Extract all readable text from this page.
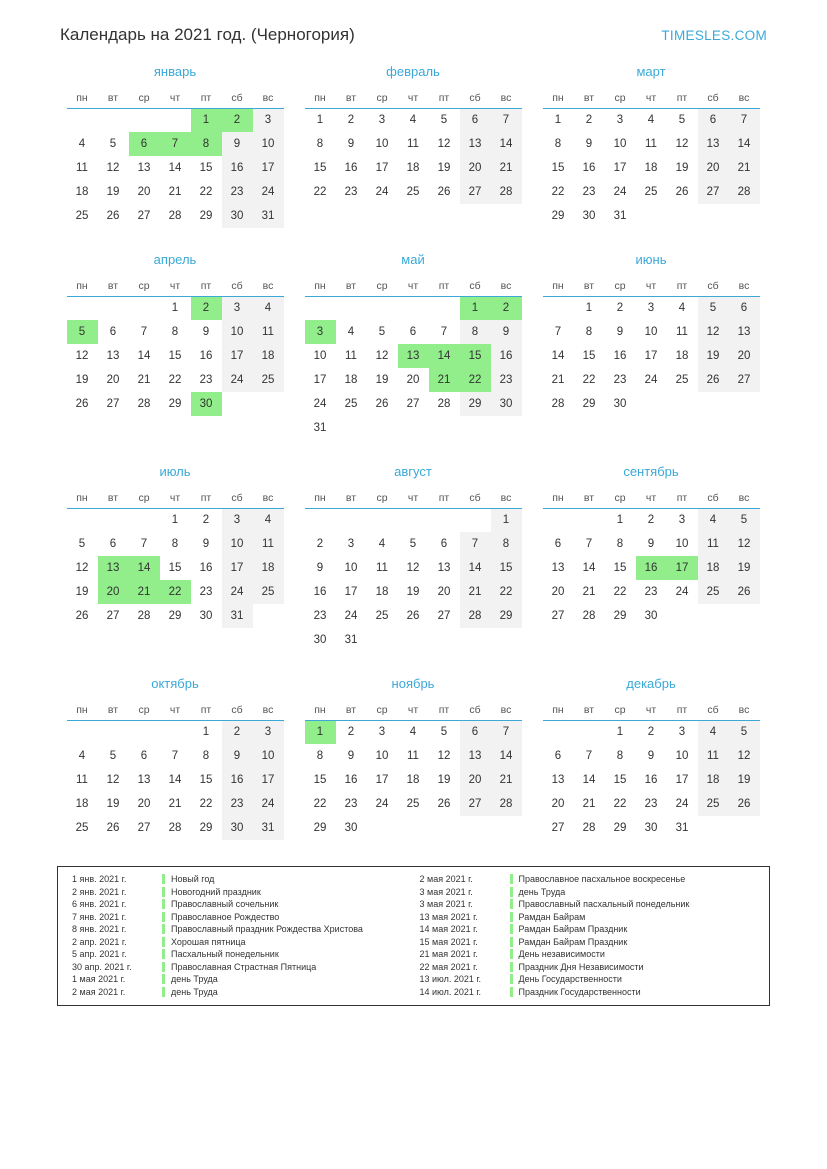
Календарь на 2021 год. (Черногория)	TIMESLES.COM
январь
пн	вт	ср	чт	пт	сб	вс
				1	2	3
4	5	6	7	8	9	10
11	12	13	14	15	16	17
18	19	20	21	22	23	24
25	26	27	28	29	30	31
февраль
пн	вт	ср	чт	пт	сб	вс
1	2	3	4	5	6	7
8	9	10	11	12	13	14
15	16	17	18	19	20	21
22	23	24	25	26	27	28
март
пн	вт	ср	чт	пт	сб	вс
1	2	3	4	5	6	7
8	9	10	11	12	13	14
15	16	17	18	19	20	21
22	23	24	25	26	27	28
29	30	31				
апрель
пн	вт	ср	чт	пт	сб	вс
			1	2	3	4
5	6	7	8	9	10	11
12	13	14	15	16	17	18
19	20	21	22	23	24	25
26	27	28	29	30		
май
пн	вт	ср	чт	пт	сб	вс
					1	2
3	4	5	6	7	8	9
10	11	12	13	14	15	16
17	18	19	20	21	22	23
24	25	26	27	28	29	30
31						
июнь
пн	вт	ср	чт	пт	сб	вс
	1	2	3	4	5	6
7	8	9	10	11	12	13
14	15	16	17	18	19	20
21	22	23	24	25	26	27
28	29	30				
июль
пн	вт	ср	чт	пт	сб	вс
			1	2	3	4
5	6	7	8	9	10	11
12	13	14	15	16	17	18
19	20	21	22	23	24	25
26	27	28	29	30	31	
август
пн	вт	ср	чт	пт	сб	вс
						1
2	3	4	5	6	7	8
9	10	11	12	13	14	15
16	17	18	19	20	21	22
23	24	25	26	27	28	29
30	31					
сентябрь
пн	вт	ср	чт	пт	сб	вс
		1	2	3	4	5
6	7	8	9	10	11	12
13	14	15	16	17	18	19
20	21	22	23	24	25	26
27	28	29	30			
октябрь
пн	вт	ср	чт	пт	сб	вс
				1	2	3
4	5	6	7	8	9	10
11	12	13	14	15	16	17
18	19	20	21	22	23	24
25	26	27	28	29	30	31
ноябрь
пн	вт	ср	чт	пт	сб	вс
1	2	3	4	5	6	7
8	9	10	11	12	13	14
15	16	17	18	19	20	21
22	23	24	25	26	27	28
29	30					
декабрь
пн	вт	ср	чт	пт	сб	вс
		1	2	3	4	5
6	7	8	9	10	11	12
13	14	15	16	17	18	19
20	21	22	23	24	25	26
27	28	29	30	31		
1 янв. 2021 г.	Новый год
2 янв. 2021 г.	Новогодний праздник
6 янв. 2021 г.	Православный сочельник
7 янв. 2021 г.	Православное Рождество
8 янв. 2021 г.	Православный праздник Рождества Христова
2 апр. 2021 г.	Хорошая пятница
5 апр. 2021 г.	Пасхальный понедельник
30 апр. 2021 г.	Православная Страстная Пятница
1 мая 2021 г.	день Труда
2 мая 2021 г.	день Труда
2 мая 2021 г.	Православное пасхальное воскресенье
3 мая 2021 г.	день Труда
3 мая 2021 г.	Православный пасхальный понедельник
13 мая 2021 г.	Рамдан Байрам
14 мая 2021 г.	Рамдан Байрам Праздник
15 мая 2021 г.	Рамдан Байрам Праздник
21 мая 2021 г.	День независимости
22 мая 2021 г.	Праздник Дня Независимости
13 июл. 2021 г.	День Государственности
14 июл. 2021 г.	Праздник Государственности
